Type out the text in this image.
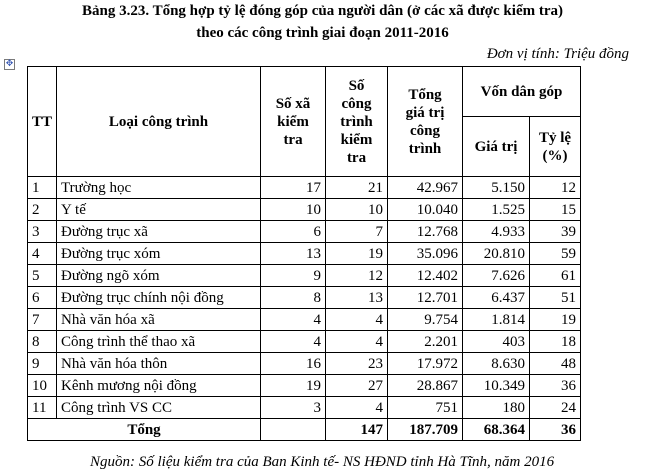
Bảng 3.23. Tổng hợp tỷ lệ đóng góp của người dân (ở các xã được kiểm tra)
theo các công trình giai đoạn 2011-2016
Đơn vị tính: Triệu đồng
✥
TT	Loại công trình	Số xã kiểm tra	Số công trình kiểm tra	Tổng giá trị công trình	Vốn dân góp	
					Giá trị	Tỷ lệ (%)
1	Trường học	17	21	42.967	5.150	12
2	Y tế	10	10	10.040	1.525	15
3	Đường trục xã	6	7	12.768	4.933	39
4	Đường trục xóm	13	19	35.096	20.810	59
5	Đường ngõ xóm	9	12	12.402	7.626	61
6	Đường trục chính nội đồng	8	13	12.701	6.437	51
7	Nhà văn hóa xã	4	4	9.754	1.814	19
8	Công trình thể thao xã	4	4	2.201	403	18
9	Nhà văn hóa thôn	16	23	17.972	8.630	48
10	Kênh mương nội đồng	19	27	28.867	10.349	36
11	Công trình VS CC	3	4	751	180	24
Tổng			147	187.709	68.364	36
Nguồn: Số liệu kiểm tra của Ban Kinh tế- NS HĐND tỉnh Hà Tĩnh, năm 2016
